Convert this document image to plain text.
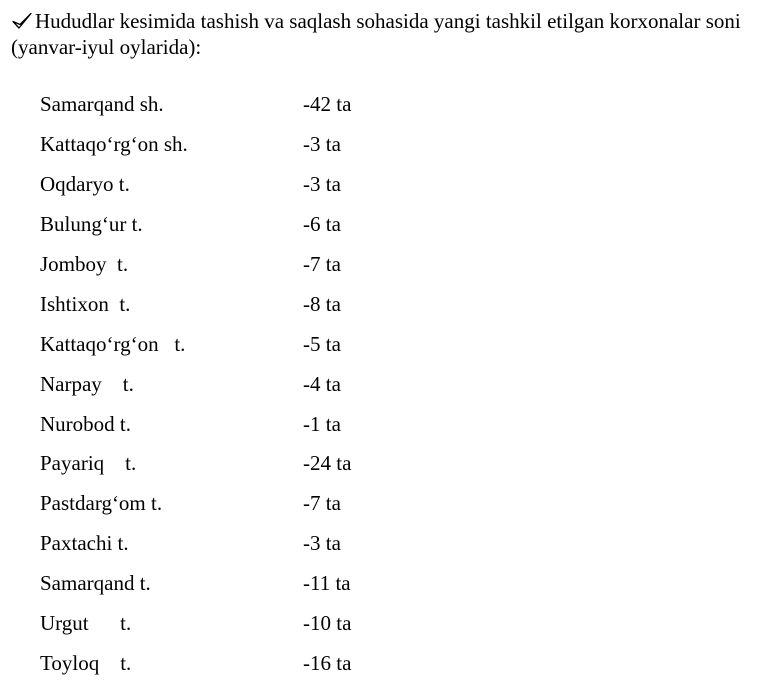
Hududlar kesimida tashish va saqlash sohasida yangi tashkil etilgan korxonalar soni (yanvar-iyul oylarida):

Samarqand sh.	-42 ta
Kattaqo‘rg‘on sh.	-3 ta
Oqdaryo t.	-3 ta
Bulung‘ur t.	-6 ta
Jomboy  t.	-7 ta
Ishtixon  t.	-8 ta
Kattaqo‘rg‘on   t.	-5 ta
Narpay    t.	-4 ta
Nurobod t.	-1 ta
Payariq    t.	-24 ta
Pastdarg‘om t.	-7 ta
Paxtachi t.	-3 ta
Samarqand t.	-11 ta
Urgut      t.	-10 ta
Toyloq    t.	-16 ta
